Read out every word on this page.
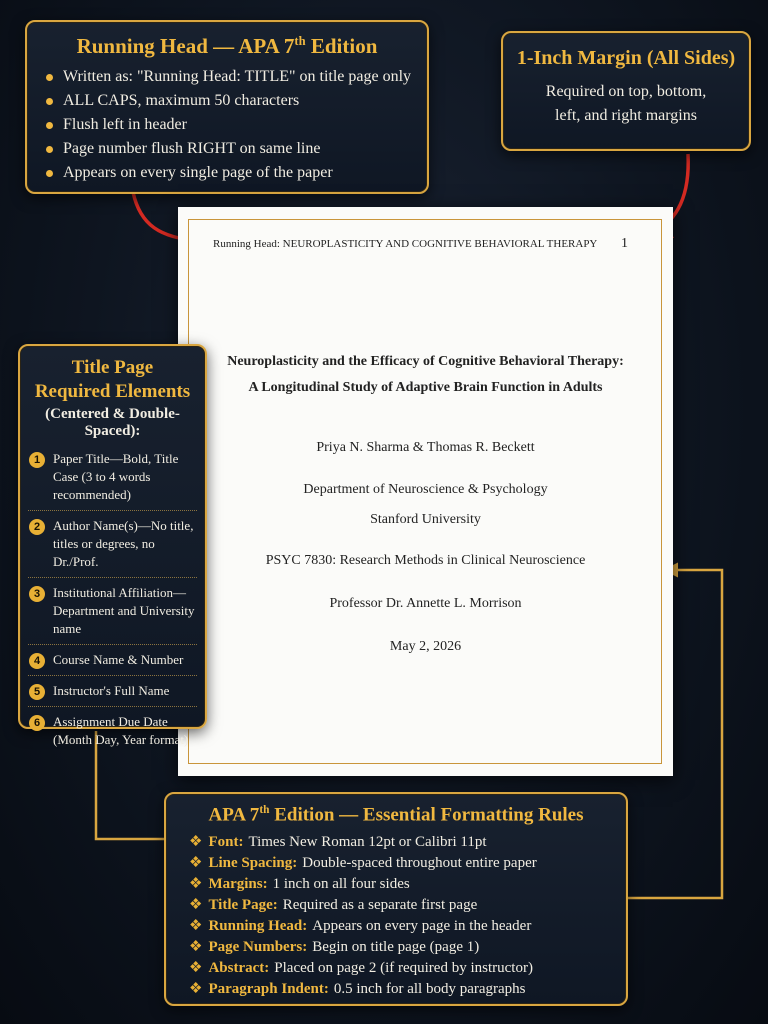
Running Head — APA 7th Edition
Written as: "Running Head: TITLE" on title page only
ALL CAPS, maximum 50 characters
Flush left in header
Page number flush RIGHT on same line
Appears on every single page of the paper
1-Inch Margin (All Sides)

Required on top, bottom,

left, and right margins

Running Head: NEUROPLASTICITY AND COGNITIVE BEHAVIORAL THERAPY 1
Neuroplasticity and the Efficacy of Cognitive Behavioral Therapy:
A Longitudinal Study of Adaptive Brain Function in Adults
Priya N. Sharma & Thomas R. Beckett
Department of Neuroscience & Psychology
Stanford University
PSYC 7830: Research Methods in Clinical Neuroscience
Professor Dr. Annette L. Morrison
May 2, 2026
Title Page
Required Elements
(Centered & Double-Spaced):
1 Paper Title—Bold, Title Case (3 to 4 words recommended)
2 Author Name(s)—No title, titles or degrees, no Dr./Prof.
3 Institutional Affiliation—Department and University name
4 Course Name & Number
5 Instructor's Full Name
6 Assignment Due Date (Month Day, Year format)
APA 7th Edition — Essential Formatting Rules
❖ Font: Times New Roman 12pt or Calibri 11pt
❖ Line Spacing: Double-spaced throughout entire paper
❖ Margins: 1 inch on all four sides
❖ Title Page: Required as a separate first page
❖ Running Head: Appears on every page in the header
❖ Page Numbers: Begin on title page (page 1)
❖ Abstract: Placed on page 2 (if required by instructor)
❖ Paragraph Indent: 0.5 inch for all body paragraphs
